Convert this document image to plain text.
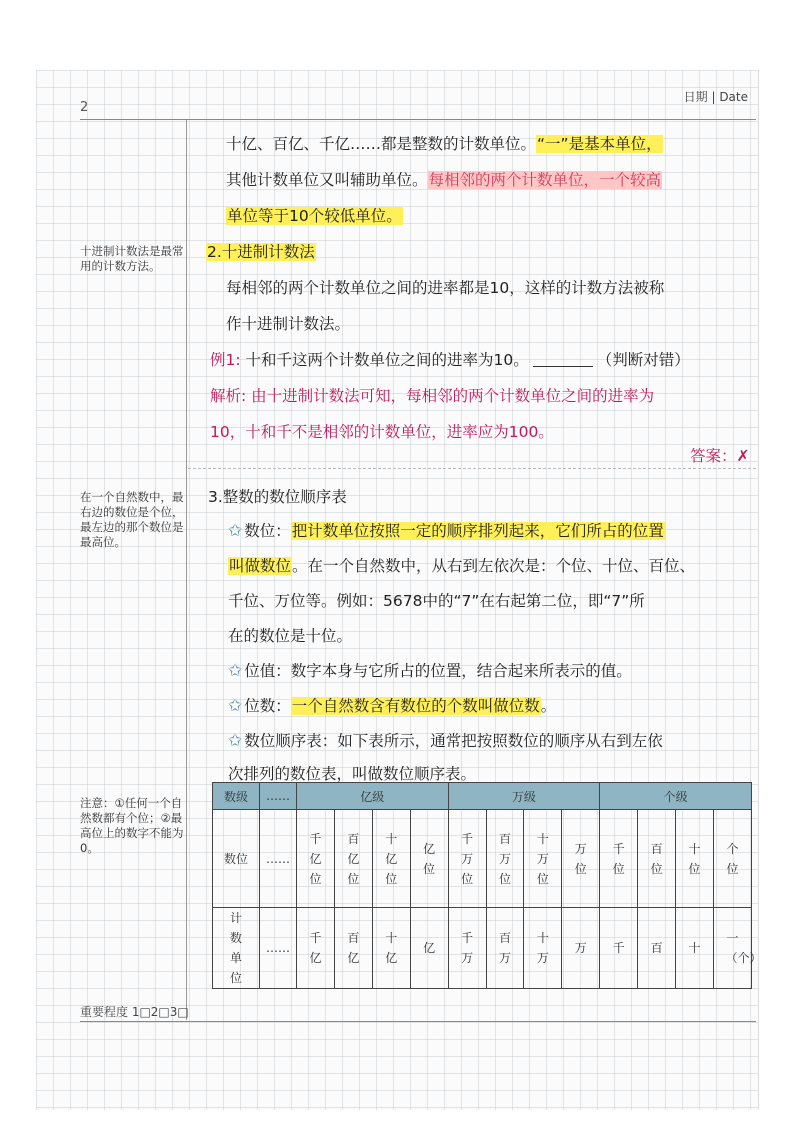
2
日期 | Date
十进制计数法是最常用的计数方法。
在一个自然数中，最右边的数位是个位，最左边的那个数位是最高位。
注意：①任何一个自然数都有个位；②最高位上的数字不能为0。
十亿、百亿、千亿……都是整数的计数单位。“一”是基本单位，
其他计数单位又叫辅助单位。每相邻的两个计数单位，一个较高
单位等于10个较低单位。
2.十进制计数法
每相邻的两个计数单位之间的进率都是10，这样的计数方法被称
作十进制计数法。
例1: 十和千这两个计数单位之间的进率为10。	（判断对错）
解析: 由十进制计数法可知，每相邻的两个计数单位之间的进率为
10，十和千不是相邻的计数单位，进率应为100。
答案：✗
3.整数的数位顺序表
✩ 数位：把计数单位按照一定的顺序排列起来，它们所占的位置
叫做数位。在一个自然数中，从右到左依次是：个位、十位、百位、
千位、万位等。例如：5678中的“7”在右起第二位，即“7”所
在的数位是十位。
✩ 位值：数字本身与它所占的位置，结合起来所表示的值。
✩ 位数：一个自然数含有数位的个数叫做位数。
✩ 数位顺序表：如下表所示，通常把按照数位的顺序从右到左依
次排列的数位表，叫做数位顺序表。
数级	……	亿级				万级				个级			
数位	……	千亿位	百亿位	十亿位	亿位	千万位	百万位	十万位	万位	千位	百位	十位	个位
计数单位	……	千亿	百亿	十亿	亿	千万	百万	十万	万	千	百	十	一（个）
重要程度 1□2□3□
